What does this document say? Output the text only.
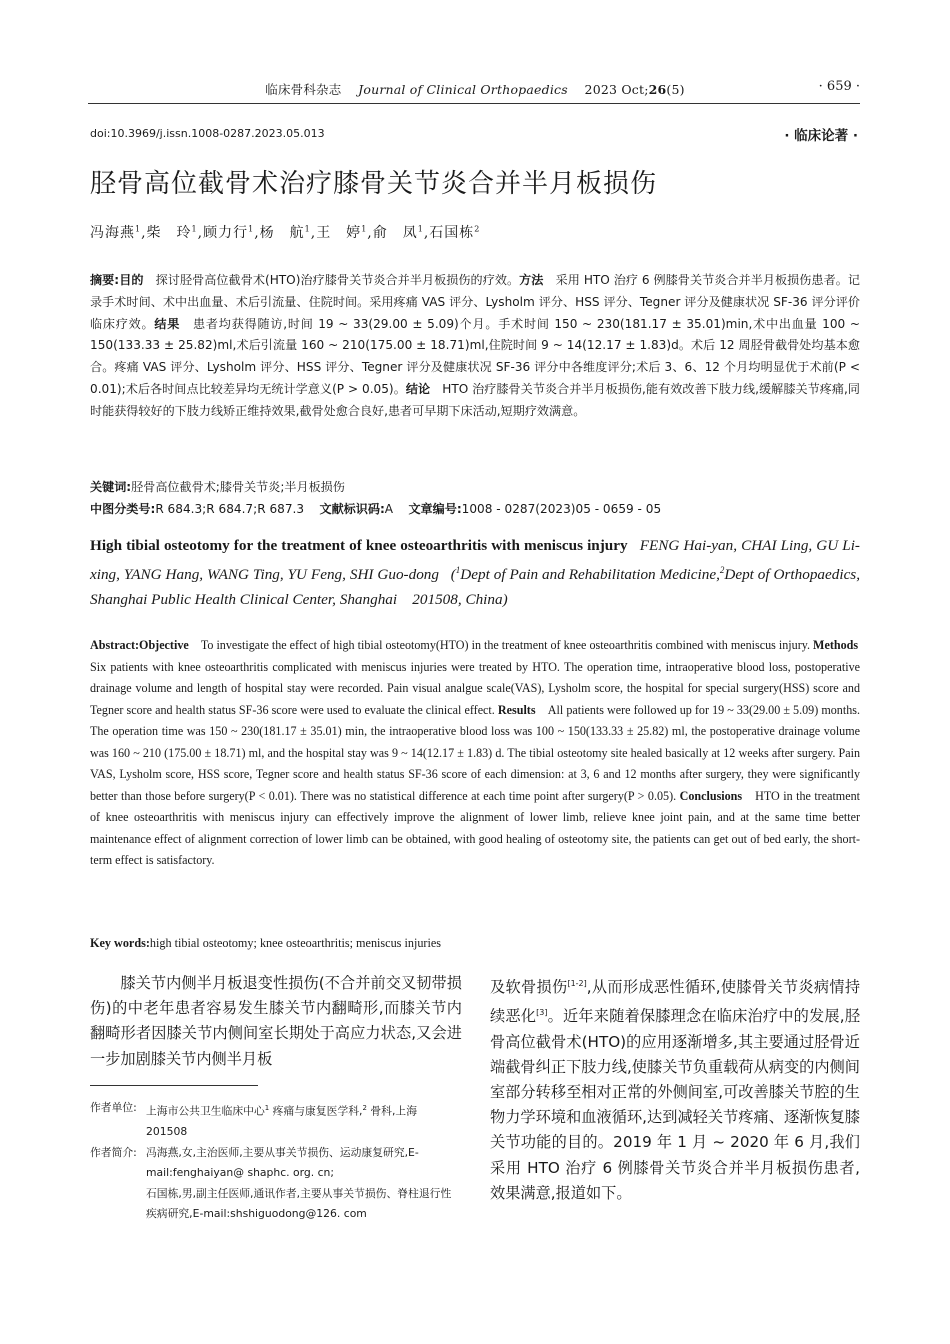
临床骨科杂志 Journal of Clinical Orthopaedics 2023 Oct;26(5)	· 659 ·
doi:10.3969/j.issn.1008-0287.2023.05.013	· 临床论著 ·
胫骨高位截骨术治疗膝骨关节炎合并半月板损伤
冯海燕$^1$,柴　玲$^1$,顾力行$^1$,杨　航$^1$,王　婷$^1$,俞　凤$^1$,石国栋$^2$
摘要:目的　探讨胫骨高位截骨术(HTO)治疗膝骨关节炎合并半月板损伤的疗效。方法　采用 HTO 治疗 6 例膝骨关节炎合并半月板损伤患者。记录手术时间、术中出血量、术后引流量、住院时间。采用疼痛 VAS 评分、Lysholm 评分、HSS 评分、Tegner 评分及健康状况 SF-36 评分评价临床疗效。结果　患者均获得随访,时间 19 ~ 33(29.00 ± 5.09)个月。手术时间 150 ~ 230(181.17 ± 35.01)min,术中出血量 100 ~ 150(133.33 ± 25.82)ml,术后引流量 160 ~ 210(175.00 ± 18.71)ml,住院时间 9 ~ 14(12.17 ± 1.83)d。术后 12 周胫骨截骨处均基本愈合。疼痛 VAS 评分、Lysholm 评分、HSS 评分、Tegner 评分及健康状况 SF-36 评分中各维度评分;术后 3、6、12 个月均明显优于术前(P < 0.01);术后各时间点比较差异均无统计学意义(P > 0.05)。结论　HTO 治疗膝骨关节炎合并半月板损伤,能有效改善下肢力线,缓解膝关节疼痛,同时能获得较好的下肢力线矫正维持效果,截骨处愈合良好,患者可早期下床活动,短期疗效满意。
关键词:胫骨高位截骨术;膝骨关节炎;半月板损伤
中图分类号:R 684.3;R 684.7;R 687.3 文献标识码:A 文章编号:1008 - 0287(2023)05 - 0659 - 05
High tibial osteotomy for the treatment of knee osteoarthritis with meniscus injury FENG Hai-yan, CHAI Ling, GU Li-xing, YANG Hang, WANG Ting, YU Feng, SHI Guo-dong ($^1$Dept of Pain and Rehabilitation Medicine,$^2$Dept of Orthopaedics, Shanghai Public Health Clinical Center, Shanghai　201508, China)
Abstract:Objective　To investigate the effect of high tibial osteotomy(HTO) in the treatment of knee osteoarthritis combined with meniscus injury. Methods　Six patients with knee osteoarthritis complicated with meniscus injuries were treated by HTO. The operation time, intraoperative blood loss, postoperative drainage volume and length of hospital stay were recorded. Pain visual analgue scale(VAS), Lysholm score, the hospital for special surgery(HSS) score and Tegner score and health status SF-36 score were used to evaluate the clinical effect. Results　All patients were followed up for 19 ~ 33(29.00 ± 5.09) months. The operation time was 150 ~ 230(181.17 ± 35.01) min, the intraoperative blood loss was 100 ~ 150(133.33 ± 25.82) ml, the postoperative drainage volume was 160 ~ 210 (175.00 ± 18.71) ml, and the hospital stay was 9 ~ 14(12.17 ± 1.83) d. The tibial osteotomy site healed basically at 12 weeks after surgery. Pain VAS, Lysholm score, HSS score, Tegner score and health status SF-36 score of each dimension: at 3, 6 and 12 months after surgery, they were significantly better than those before surgery(P < 0.01). There was no statistical difference at each time point after surgery(P > 0.05). Conclusions　HTO in the treatment of knee osteoarthritis with meniscus injury can effectively improve the alignment of lower limb, relieve knee joint pain, and at the same time better maintenance effect of alignment correction of lower limb can be obtained, with good healing of osteotomy site, the patients can get out of bed early, the short-term effect is satisfactory.
Key words:high tibial osteotomy; knee osteoarthritis; meniscus injuries
膝关节内侧半月板退变性损伤(不合并前交叉韧带损伤)的中老年患者容易发生膝关节内翻畸形,而膝关节内翻畸形者因膝关节内侧间室长期处于高应力状态,又会进一步加剧膝关节内侧半月板
及软骨损伤[1-2],从而形成恶性循环,使膝骨关节炎病情持续恶化[3]。近年来随着保膝理念在临床治疗中的发展,胫骨高位截骨术(HTO)的应用逐渐增多,其主要通过胫骨近端截骨纠正下肢力线,使膝关节负重载荷从病变的内侧间室部分转移至相对正常的外侧间室,可改善膝关节腔的生物力学环境和血液循环,达到减轻关节疼痛、逐渐恢复膝关节功能的目的。2019 年 1 月 ~ 2020 年 6 月,我们采用 HTO 治疗 6 例膝骨关节炎合并半月板损伤患者,效果满意,报道如下。
作者单位: 上海市公共卫生临床中心$^1$ 疼痛与康复医学科,$^2$ 骨科,上海　201508
作者简介: 冯海燕,女,主治医师,主要从事关节损伤、运动康复研究,E-mail:fenghaiyan@ shaphc. org. cn;
石国栋,男,副主任医师,通讯作者,主要从事关节损伤、脊柱退行性疾病研究,E-mail:shshiguodong@126. com
